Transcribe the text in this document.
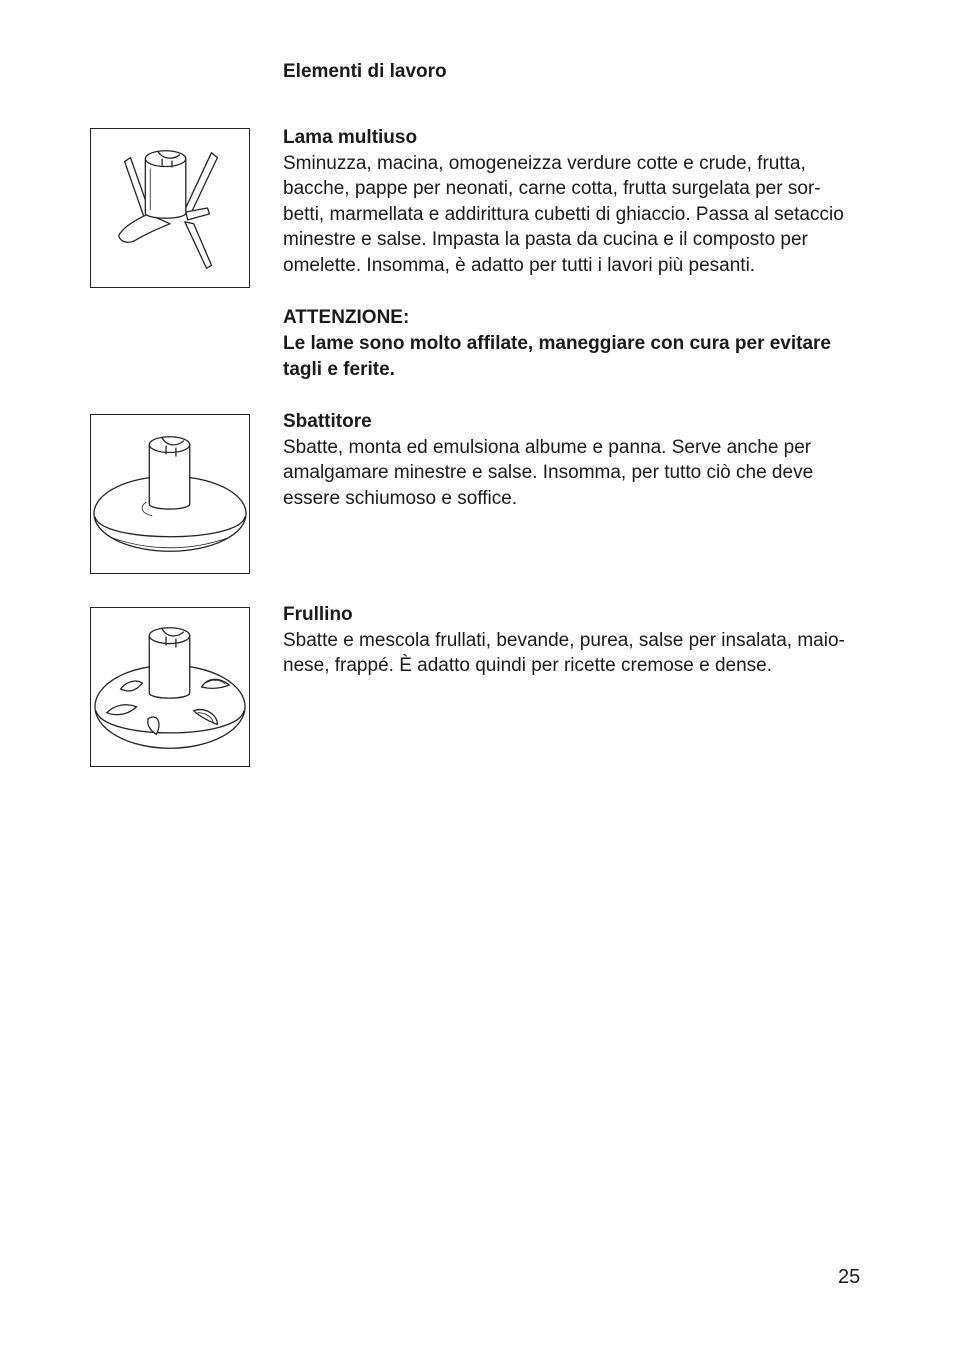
Elementi di lavoro
Lama multiuso
Sminuzza, macina, omogeneizza verdure cotte e crude, frutta,
bacche, pappe per neonati, carne cotta, frutta surgelata per sor-
betti, marmellata e addirittura cubetti di ghiaccio. Passa al setaccio
minestre e salse. Impasta la pasta da cucina e il composto per
omelette. Insomma, è adatto per tutti i lavori più pesanti.
ATTENZIONE:
Le lame sono molto affilate, maneggiare con cura per evitare
tagli e ferite.
Sbattitore
Sbatte, monta ed emulsiona albume e panna. Serve anche per
amalgamare minestre e salse. Insomma, per tutto ciò che deve
essere schiumoso e soffice.
Frullino
Sbatte e mescola frullati, bevande, purea, salse per insalata, maio-
nese, frappé. È adatto quindi per ricette cremose e dense.
25
